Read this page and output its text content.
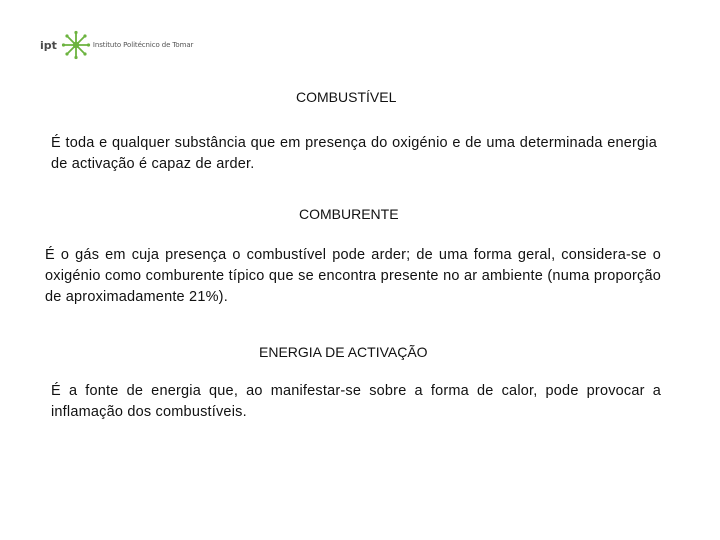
ipt	Instituto Politécnico de Tomar
COMBUSTÍVEL

É toda e qualquer substância que em presença do oxigénio e de uma determinada energia de activação é capaz de arder.

COMBURENTE

É o gás em cuja presença o combustível pode arder; de uma forma geral, considera-se o oxigénio como comburente típico que se encontra presente no ar ambiente (numa proporção de aproximadamente 21%).

ENERGIA DE ACTIVAÇÃO

É a fonte de energia que, ao manifestar-se sobre a forma de calor, pode provocar a inflamação dos combustíveis.
